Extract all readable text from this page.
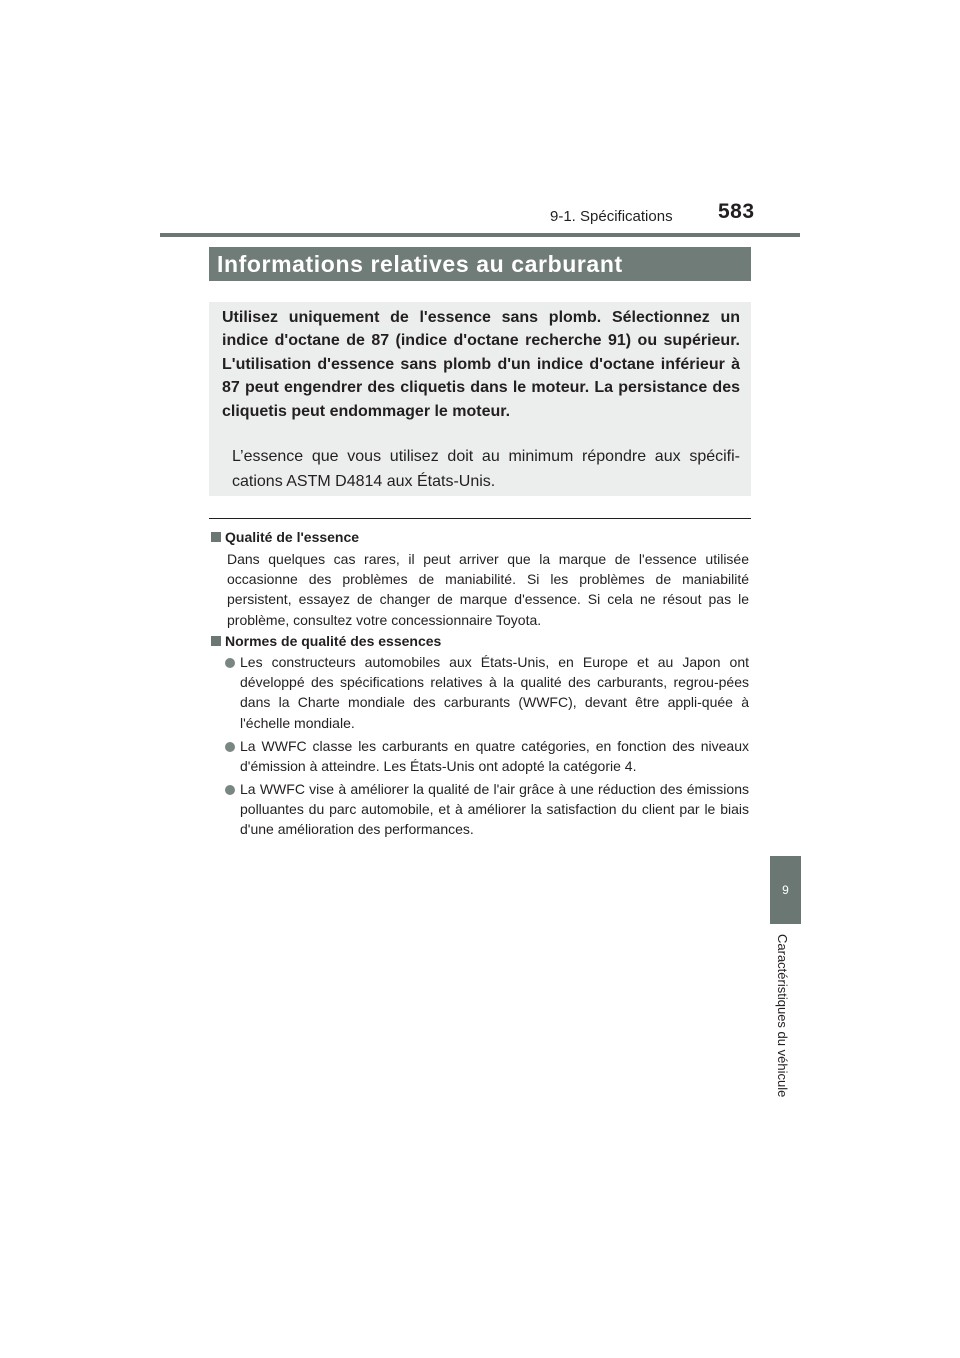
583
9-1. Spécifications
Informations relatives au carburant
Utilisez uniquement de l'essence sans plomb. Sélectionnez un indice d'octane de 87 (indice d'octane recherche 91) ou supérieur. L'utilisation d'essence sans plomb d'un indice d'octane inférieur à 87 peut engendrer des cliquetis dans le moteur. La persistance des cliquetis peut endommager le moteur.
L’essence que vous utilisez doit au minimum répondre aux spécifi-cations ASTM D4814 aux États-Unis.
Qualité de l'essence
Dans quelques cas rares, il peut arriver que la marque de l'essence utilisée occasionne des problèmes de maniabilité. Si les problèmes de maniabilité persistent, essayez de changer de marque d'essence. Si cela ne résout pas le problème, consultez votre concessionnaire Toyota.
Normes de qualité des essences
Les constructeurs automobiles aux États-Unis, en Europe et au Japon ont développé des spécifications relatives à la qualité des carburants, regrou-pées dans la Charte mondiale des carburants (WWFC), devant être appli-quée à l'échelle mondiale.
La WWFC classe les carburants en quatre catégories, en fonction des niveaux d'émission à atteindre. Les États-Unis ont adopté la catégorie 4.
La WWFC vise à améliorer la qualité de l'air grâce à une réduction des émissions polluantes du parc automobile, et à améliorer la satisfaction du client par le biais d'une amélioration des performances.
9
Caractéristiques du véhicule
